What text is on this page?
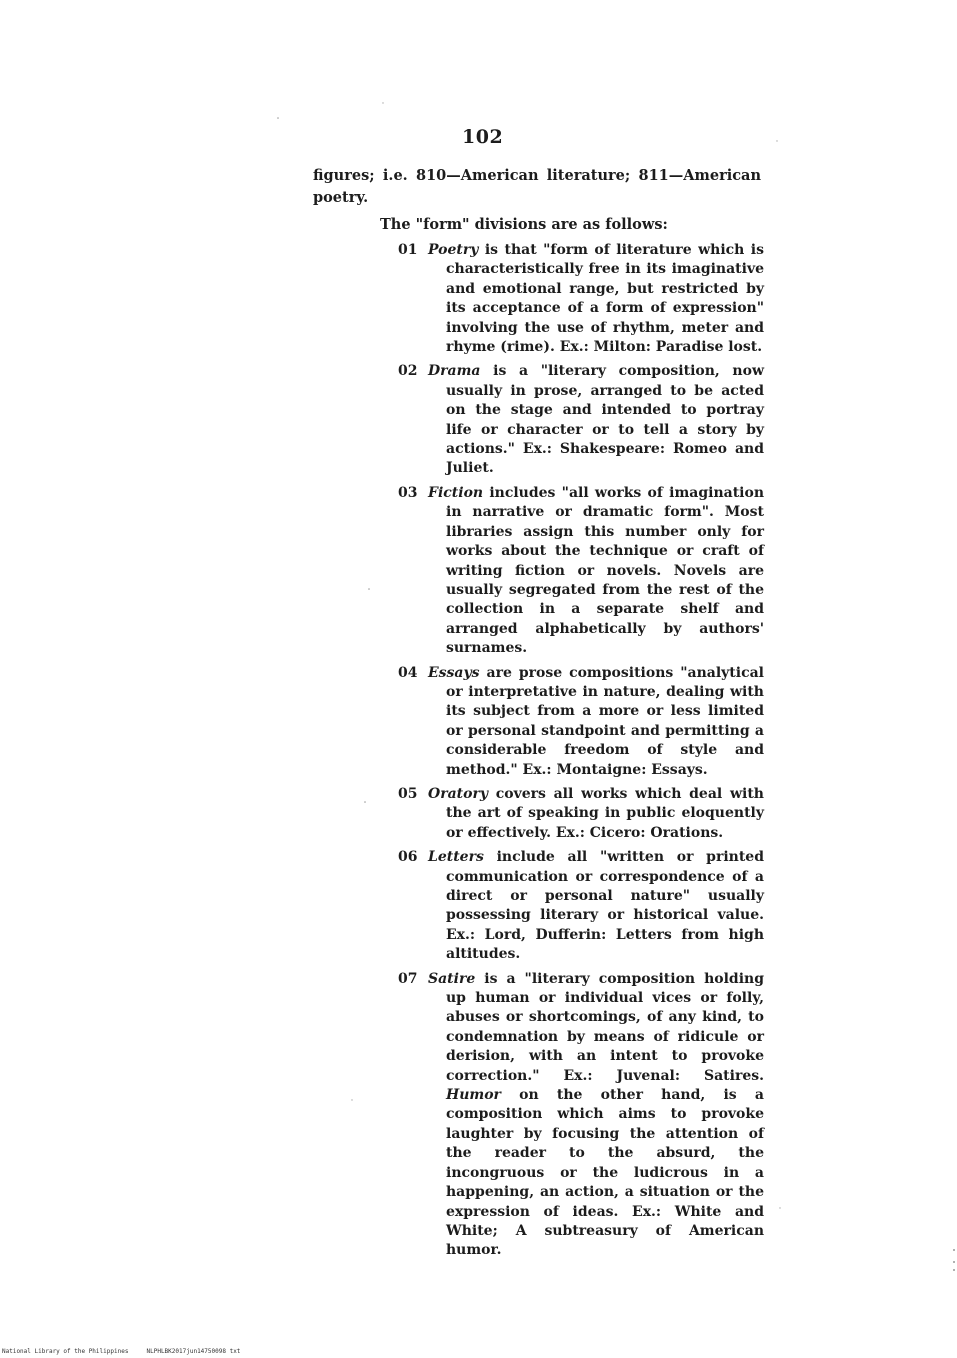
102
figures; i.e. 810—American literature; 811—American poetry.
The "form" divisions are as follows:
01 Poetry is that "form of literature which is characteristically free in its imaginative and emotional range, but restricted by its acceptance of a form of expression" involving the use of rhythm, meter and rhyme (rime). Ex.: Milton: Paradise lost.
02 Drama is a "literary composition, now usually in prose, arranged to be acted on the stage and intended to portray life or character or to tell a story by actions." Ex.: Shakespeare: Romeo and Juliet.
03 Fiction includes "all works of imagination in narrative or dramatic form". Most libraries assign this number only for works about the technique or craft of writing fiction or novels. Novels are usually segregated from the rest of the collection in a separate shelf and arranged alphabetically by authors' surnames.
04 Essays are prose compositions "analytical or interpretative in nature, dealing with its subject from a more or less limited or personal standpoint and permitting a considerable freedom of style and method." Ex.: Montaigne: Essays.
05 Oratory covers all works which deal with the art of speaking in public eloquently or effectively. Ex.: Cicero: Orations.
06 Letters include all "written or printed communication or correspondence of a direct or personal nature" usually possessing literary or historical value. Ex.: Lord, Dufferin: Letters from high altitudes.
07 Satire is a "literary composition holding up human or individual vices or folly, abuses or shortcomings, of any kind, to condemnation by means of ridicule or derision, with an intent to provoke correction." Ex.: Juvenal: Satires. Humor on the other hand, is a composition which aims to provoke laughter by focusing the attention of the reader to the absurd, the incongruous or the ludicrous in a happening, an action, a situation or the expression of ideas. Ex.: White and White; A subtreasury of American humor.
National Library of the Philippines     NLPHLBK2017jun14750098 txt
